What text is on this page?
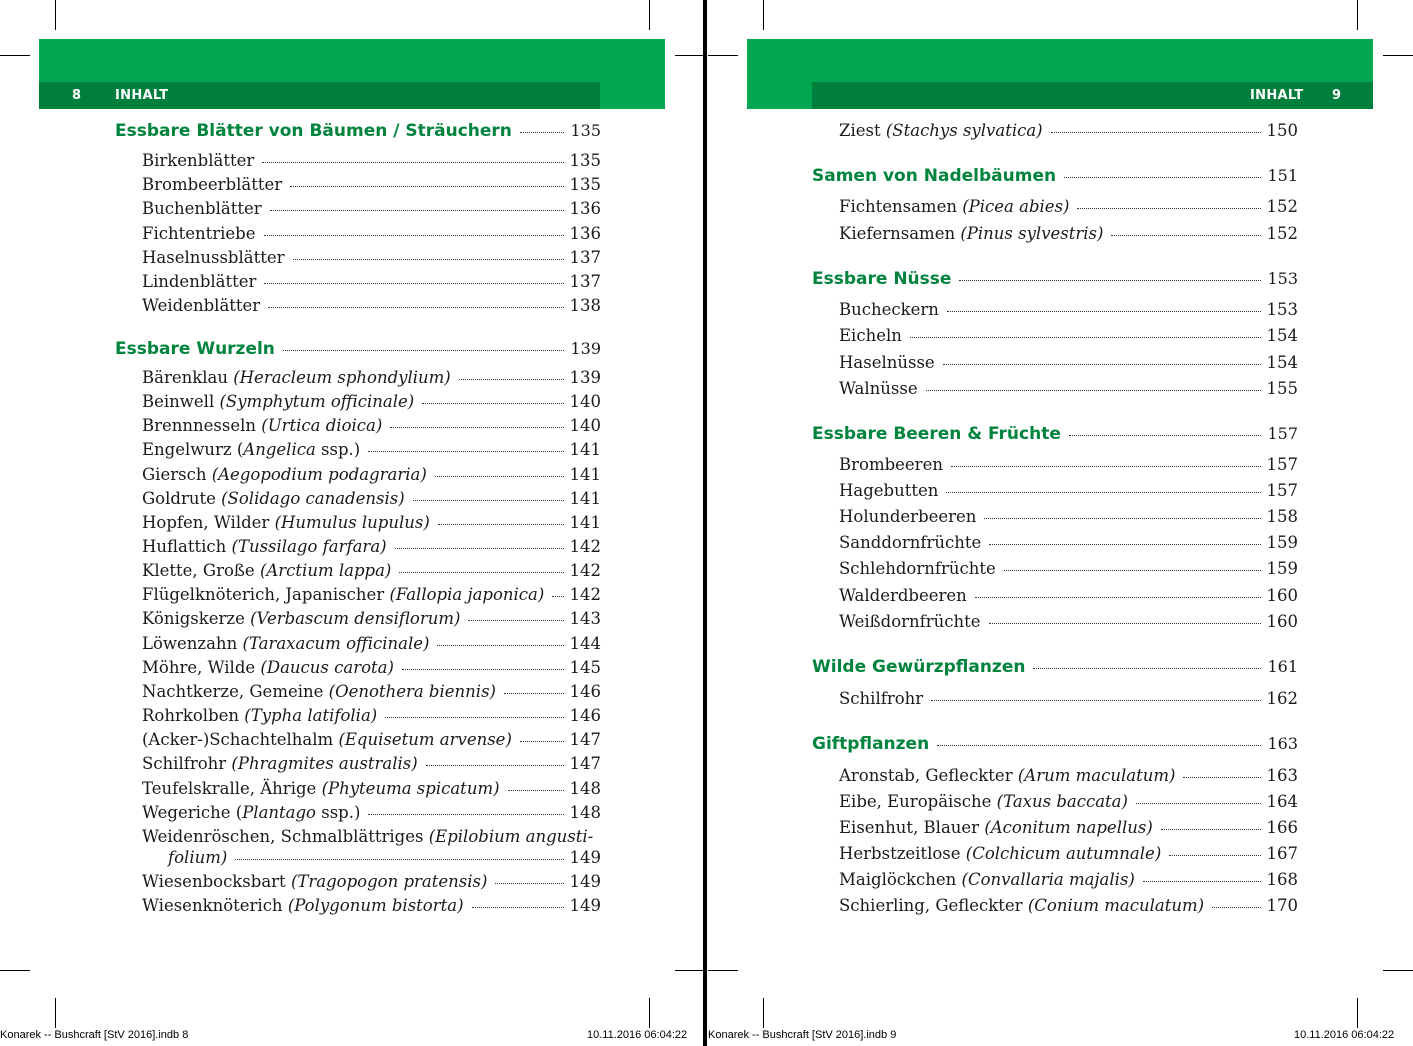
8	INHALT	INHALT 9
Essbare Blätter von Bäumen / Sträuchern	135
Birkenblätter	135
Brombeerblätter	135
Buchenblätter	136
Fichtentriebe	136
Haselnussblätter	137
Lindenblätter	137
Weidenblätter	138
Essbare Wurzeln	139
Bärenklau (Heracleum sphondylium)	139
Beinwell (Symphytum officinale)	140
Brennnesseln (Urtica dioica)	140
Engelwurz (Angelica ssp.)	141
Giersch (Aegopodium podagraria)	141
Goldrute (Solidago canadensis)	141
Hopfen, Wilder (Humulus lupulus)	141
Huflattich (Tussilago farfara)	142
Klette, Große (Arctium lappa)	142
Flügelknöterich, Japanischer (Fallopia japonica) 142
Königskerze (Verbascum densiflorum)	143
Löwenzahn (Taraxacum officinale)	144
Möhre, Wilde (Daucus carota)	145
Nachtkerze, Gemeine (Oenothera biennis)	146
Rohrkolben (Typha latifolia)	146
(Acker-)Schachtelhalm (Equisetum arvense)	147
Schilfrohr (Phragmites australis)	147
Teufelskralle, Ährige (Phyteuma spicatum)	148
Wegeriche (Plantago ssp.)	148
Weidenröschen, Schmalblättriges (Epilobium angusti-
folium)	149
Wiesenbocksbart (Tragopogon pratensis)	149
Wiesenknöterich (Polygonum bistorta)	149
Ziest (Stachys sylvatica)	150
Samen von Nadelbäumen	151
Fichtensamen (Picea abies)	152
Kiefernsamen (Pinus sylvestris)	152
Essbare Nüsse	153
Bucheckern	153
Eicheln	154
Haselnüsse	154
Walnüsse	155
Essbare Beeren & Früchte	157
Brombeeren	157
Hagebutten	157
Holunderbeeren	158
Sanddornfrüchte	159
Schlehdornfrüchte	159
Walderdbeeren	160
Weißdornfrüchte	160
Wilde Gewürzpflanzen	161
Schilfrohr	162
Giftpflanzen	163
Aronstab, Gefleckter (Arum maculatum)	163
Eibe, Europäische (Taxus baccata)	164
Eisenhut, Blauer (Aconitum napellus)	166
Herbstzeitlose (Colchicum autumnale)	167
Maiglöckchen (Convallaria majalis)	168
Schierling, Gefleckter (Conium maculatum)	170
Konarek -- Bushcraft [StV 2016].indb 8	10.11.2016 06:04:22 Konarek -- Bushcraft [StV 2016].indb 9	10.11.2016 06:04:22
